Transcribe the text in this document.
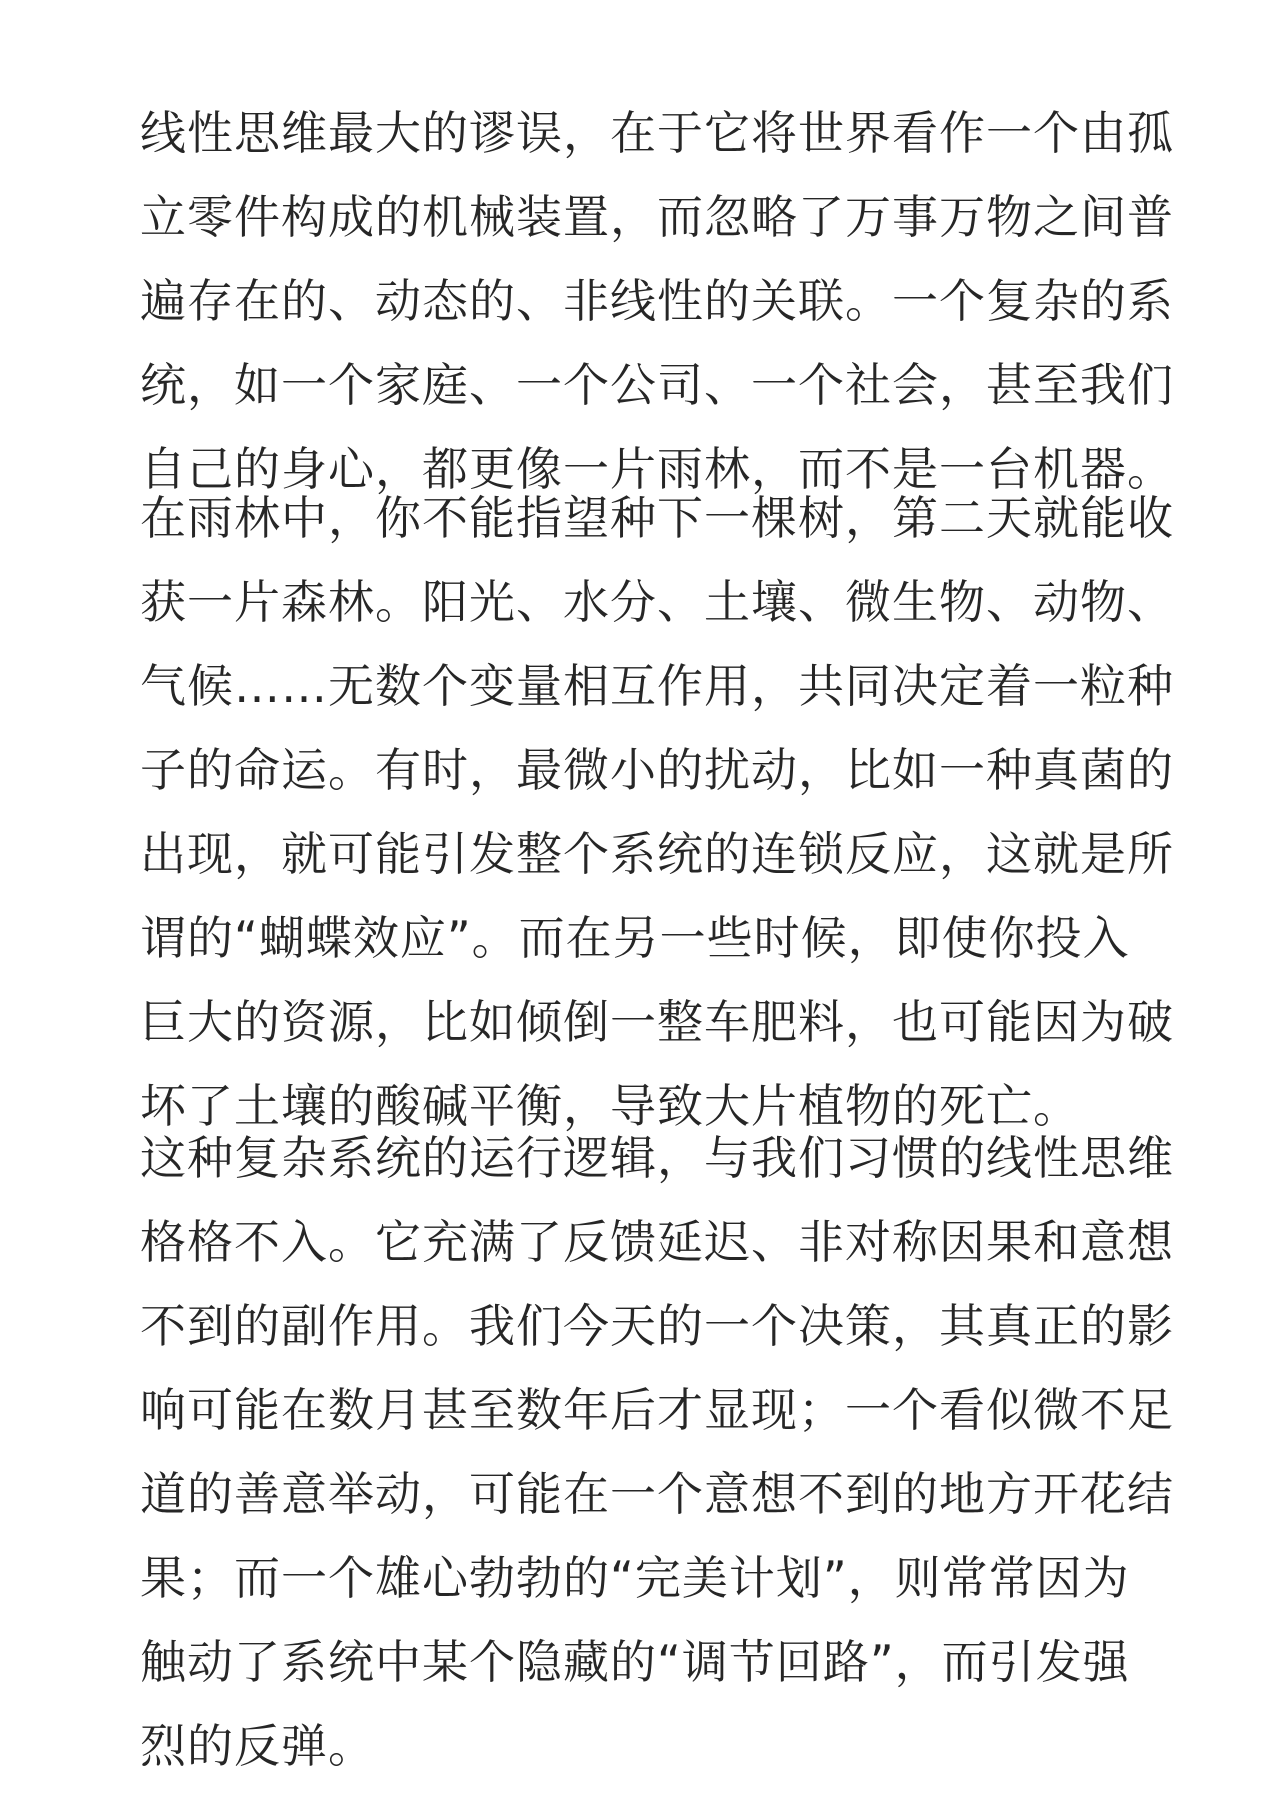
线性思维最大的谬误，在于它将世界看作一个由孤
立零件构成的机械装置，而忽略了万事万物之间普
遍存在的、动态的、非线性的关联。一个复杂的系
统，如一个家庭、一个公司、一个社会，甚至我们
自己的身心，都更像一片雨林，而不是一台机器。
在雨林中，你不能指望种下一棵树，第二天就能收
获一片森林。阳光、水分、土壤、微生物、动物、
气候……无数个变量相互作用，共同决定着一粒种
子的命运。有时，最微小的扰动，比如一种真菌的
出现，就可能引发整个系统的连锁反应，这就是所
谓的“蝴蝶效应”。而在另一些时候，即使你投入
巨大的资源，比如倾倒一整车肥料，也可能因为破
坏了土壤的酸碱平衡，导致大片植物的死亡。
这种复杂系统的运行逻辑，与我们习惯的线性思维
格格不入。它充满了反馈延迟、非对称因果和意想
不到的副作用。我们今天的一个决策，其真正的影
响可能在数月甚至数年后才显现；一个看似微不足
道的善意举动，可能在一个意想不到的地方开花结
果；而一个雄心勃勃的“完美计划”，则常常因为
触动了系统中某个隐藏的“调节回路”，而引发强
烈的反弹。
